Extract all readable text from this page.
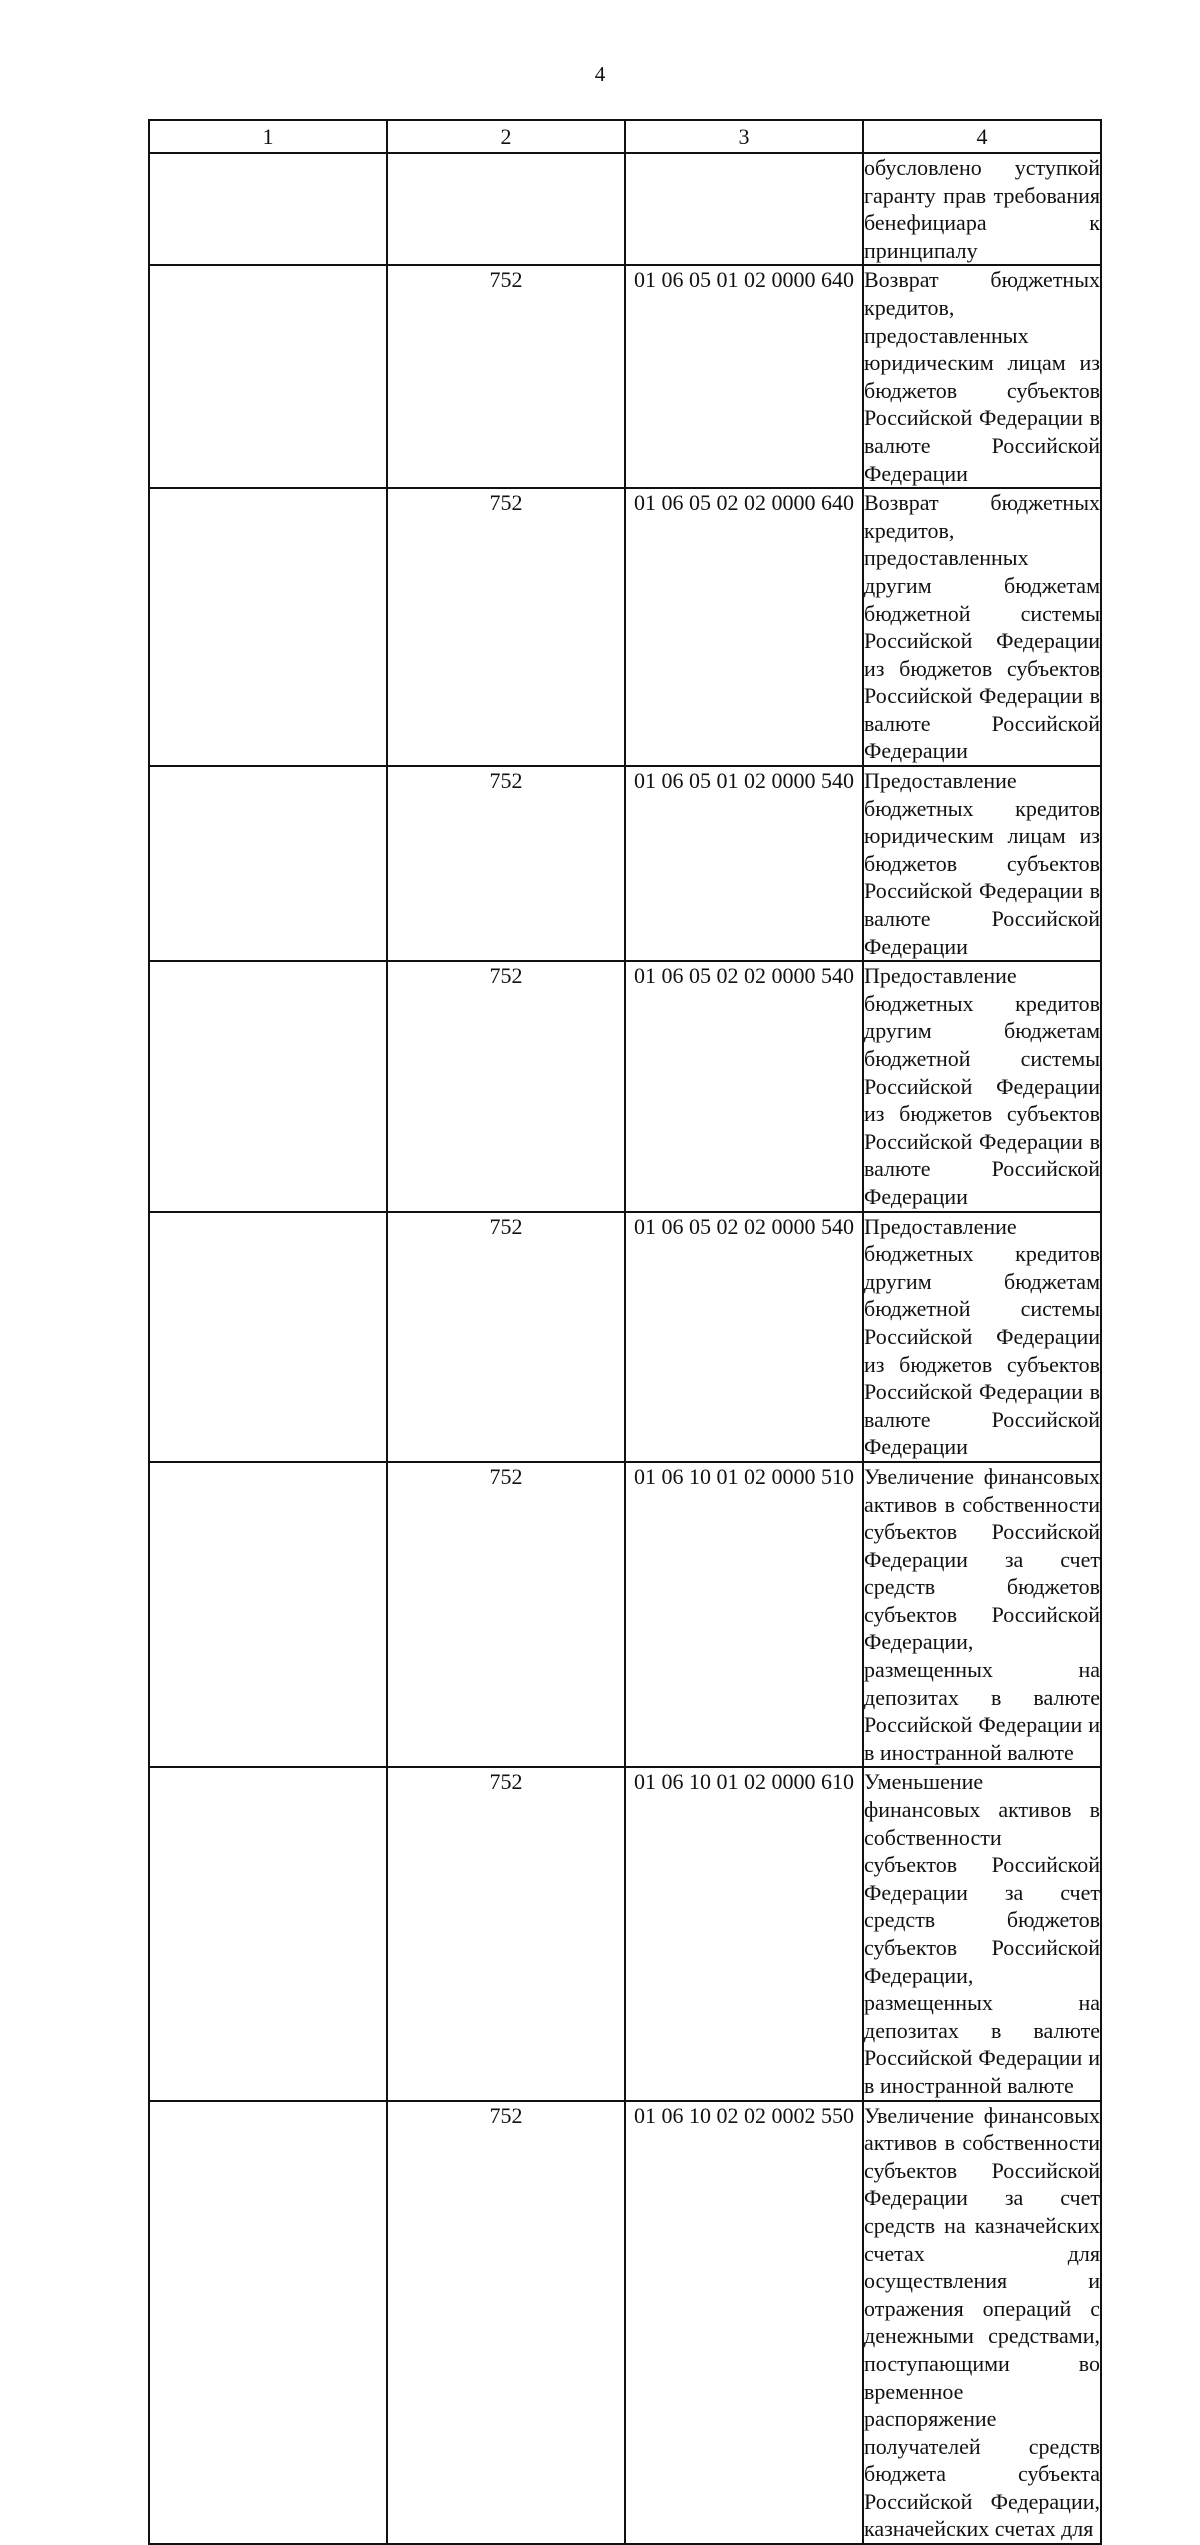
4
1	2	3	4
			обусловлено уступкой гаранту прав требования бенефициара к принципалу
	752	01 06 05 01 02 0000 640	Возврат бюджетных кредитов, предоставленных юридическим лицам из бюджетов субъектов Российской Федерации в валюте Российской Федерации
	752	01 06 05 02 02 0000 640	Возврат бюджетных кредитов, предоставленных другим бюджетам бюджетной системы Российской Федерации из бюджетов субъектов Российской Федерации в валюте Российской Федерации
	752	01 06 05 01 02 0000 540	Предоставление бюджетных кредитов юридическим лицам из бюджетов субъектов Российской Федерации в валюте Российской Федерации
	752	01 06 05 02 02 0000 540	Предоставление бюджетных кредитов другим бюджетам бюджетной системы Российской Федерации из бюджетов субъектов Российской Федерации в валюте Российской Федерации
	752	01 06 05 02 02 0000 540	Предоставление бюджетных кредитов другим бюджетам бюджетной системы Российской Федерации из бюджетов субъектов Российской Федерации в валюте Российской Федерации
	752	01 06 10 01 02 0000 510	Увеличение финансовых активов в собственности субъектов Российской Федерации за счет средств бюджетов субъектов Российской Федерации, размещенных на депозитах в валюте Российской Федерации и в иностранной валюте
	752	01 06 10 01 02 0000 610	Уменьшение финансовых активов в собственности субъектов Российской Федерации за счет средств бюджетов субъектов Российской Федерации, размещенных на депозитах в валюте Российской Федерации и в иностранной валюте
	752	01 06 10 02 02 0002 550	Увеличение финансовых активов в собственности субъектов Российской Федерации за счет средств на казначейских счетах для осуществления и отражения операций с денежными средствами, поступающими во временное распоряжение получателей средств бюджета субъекта Российской Федерации, казначейских счетах для
